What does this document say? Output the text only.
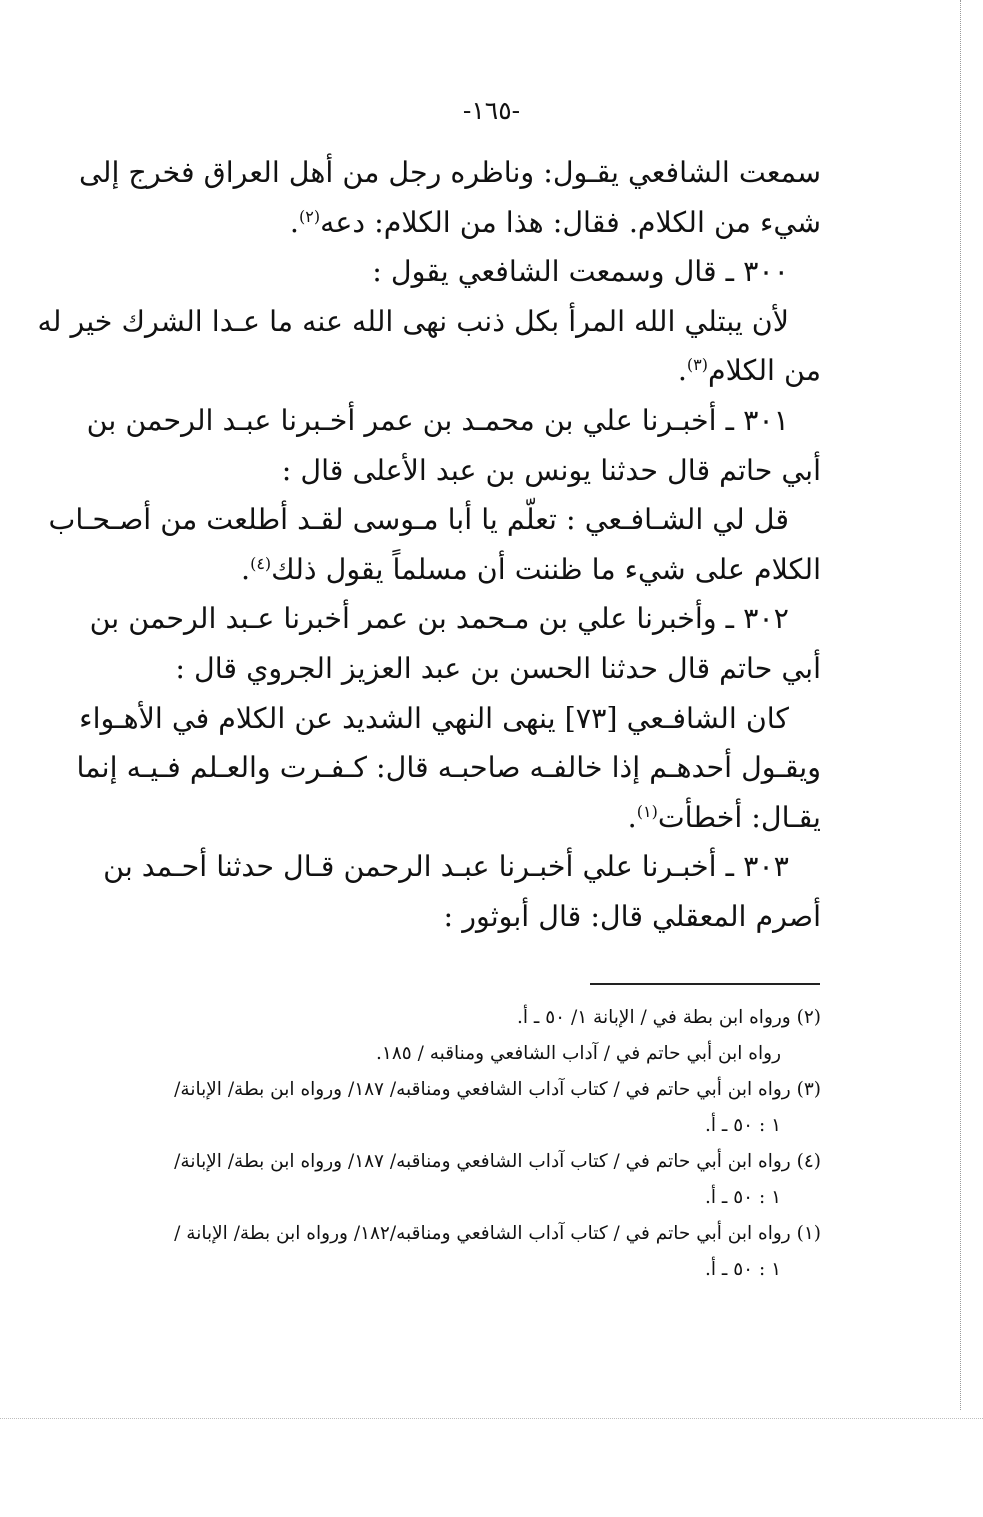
-١٦٥-

سمعت الشافعي يقـول: وناظره رجل من أهل العراق فخرج إلى

شيء من الكلام. فقال: هذا من الكلام: دعه$^{(٢)}$.

٣٠٠ ـ قال وسمعت الشافعي يقول :

لأن يبتلي الله المرأ بكل ذنب نهى الله عنه ما عـدا الشرك خير له

من الكلام$^{(٣)}$.

٣٠١ ـ أخبـرنا علي بن محمـد بن عمر أخـبرنا عبـد الرحمن بن

أبي حاتم قال حدثنا يونس بن عبد الأعلى قال :

قل لي الشـافـعي : تعلّم يا أبا مـوسى لقـد أطلعت من أصـحـاب

الكلام على شيء ما ظننت أن مسلماً يقول ذلك$^{(٤)}$.

٣٠٢ ـ وأخبرنا علي بن مـحمد بن عمر أخبرنا عـبد الرحمن بن

أبي حاتم قال حدثنا الحسن بن عبد العزيز الجروي قال :

كان الشافـعي [٧٣] ينهى النهي الشديد عن الكلام في الأهـواء

ويقـول أحدهـم إذا خالفـه صاحبـه قال: كـفـرت والعـلم فـيـه إنما

يقـال: أخطأت$^{(١)}$.

٣٠٣ ـ أخبـرنا علي أخبـرنا عبـد الرحمن قـال حدثنا أحـمد بن

أصرم المعقلي قال: قال أبوثور :

(٢) ورواه ابن بطة في / الإبانة ١/ ٥٠ ـ أ.

رواه ابن أبي حاتم في / آداب الشافعي ومناقبه / ١٨٥.

(٣) رواه ابن أبي حاتم في / كتاب آداب الشافعي ومناقبه/ ١٨٧/ ورواه ابن بطة/ الإبانة/

١ : ٥٠ ـ أ.

(٤) رواه ابن أبي حاتم في / كتاب آداب الشافعي ومناقبه/ ١٨٧/ ورواه ابن بطة/ الإبانة/

١ : ٥٠ ـ أ.

(١) رواه ابن أبي حاتم في / كتاب آداب الشافعي ومناقبه/١٨٢/ ورواه ابن بطة/ الإبانة /

١ : ٥٠ ـ أ.
